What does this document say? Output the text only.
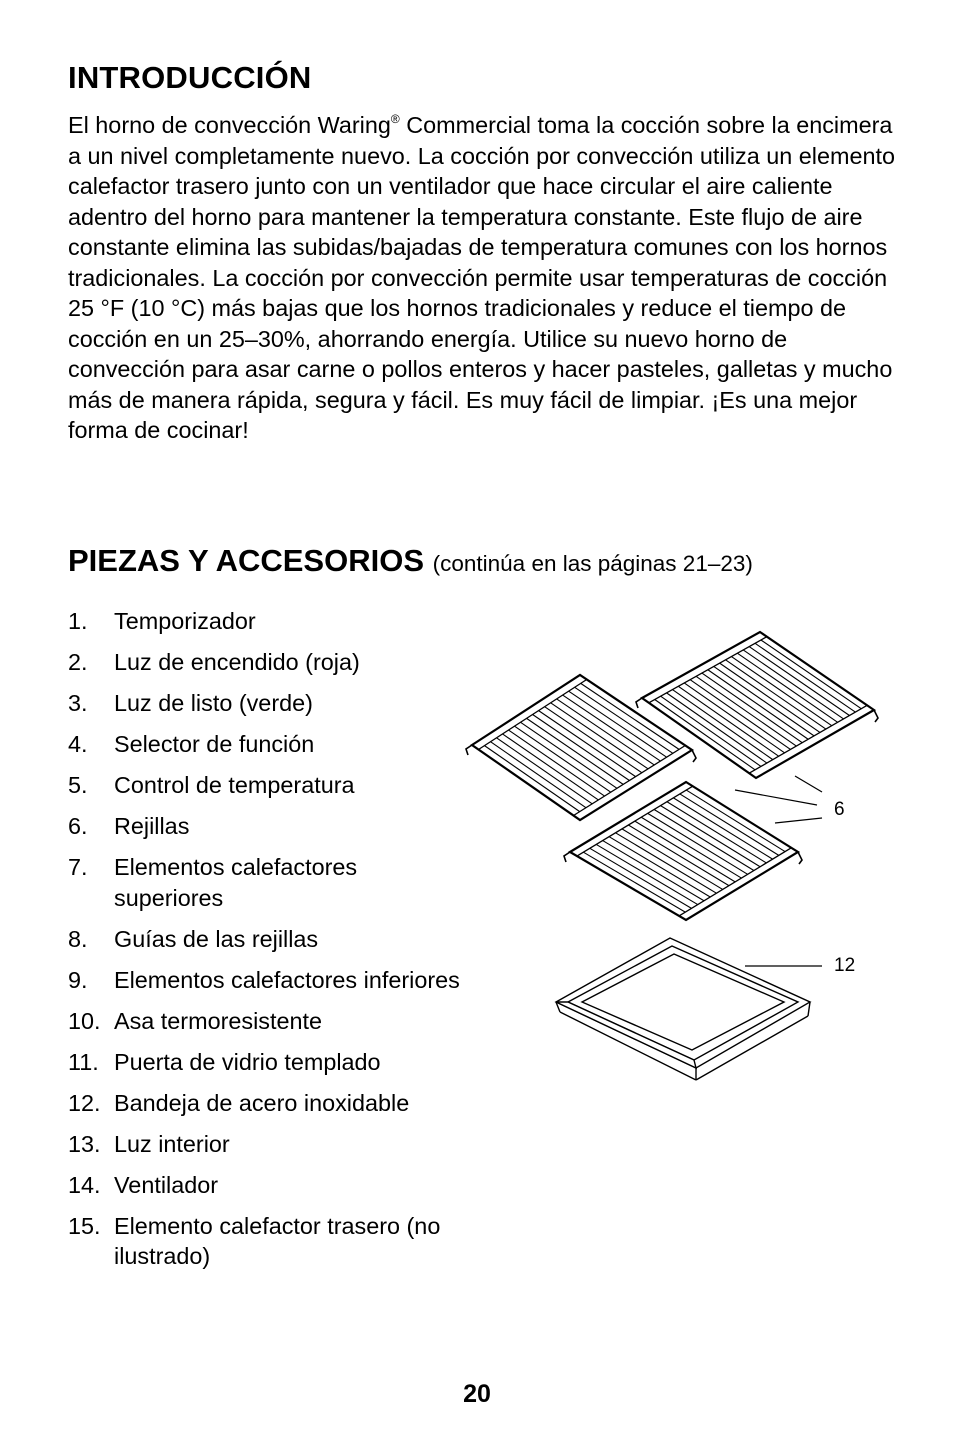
INTRODUCCIÓN

El horno de convección Waring® Commercial toma la cocción sobre la encimera a un nivel completamente nuevo. La cocción por convección utiliza un elemento calefactor trasero junto con un ventilador que hace circular el aire caliente adentro del horno para mantener la temperatura constante. Este flujo de aire constante elimina las subidas/bajadas de temperatura comunes con los hornos tradicionales. La cocción por convección permite usar temperaturas de cocción 25 °F (10 °C) más bajas que los hornos tradicionales y reduce el tiempo de cocción en un 25–30%, ahorrando energía. Utilice su nuevo horno de convección para asar carne o pollos enteros y hacer pasteles, galletas y mucho más de manera rápida, segura y fácil. Es muy fácil de limpiar. ¡Es una mejor forma de cocinar!

PIEZAS Y ACCESORIOS (continúa en las páginas 21–23)
1.	Temporizador
2.	Luz de encendido (roja)
3.	Luz de listo (verde)
4.	Selector de función
5.	Control de temperatura
6.	Rejillas
7.	Elementos calefactores superiores
8.	Guías de las rejillas
9.	Elementos calefactores inferiores
10. Asa termoresistente
11. Puerta de vidrio templado
12. Bandeja de acero inoxidable
13. Luz interior
14. Ventilador
15. Elemento calefactor trasero (no ilustrado)
6
12
20
